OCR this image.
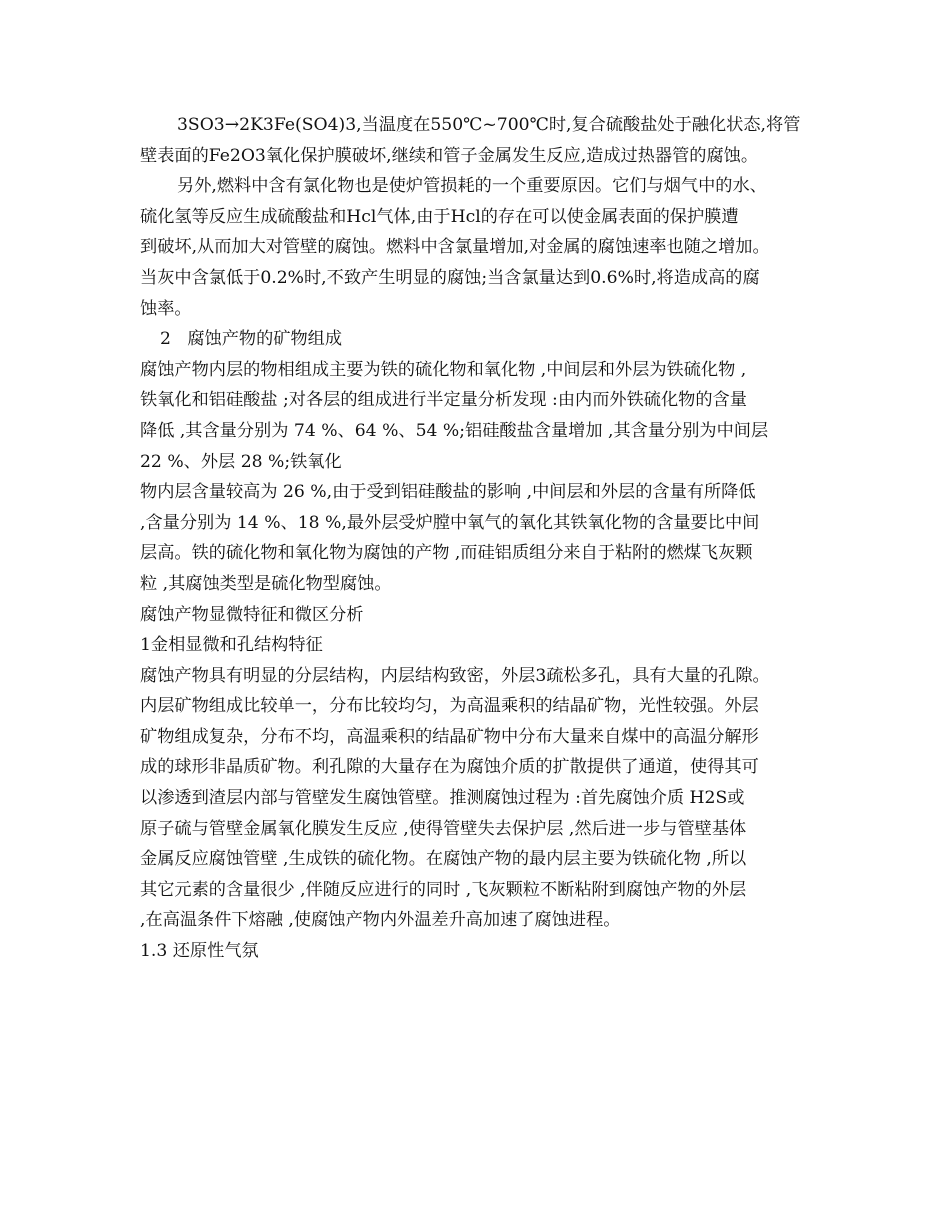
3SO3→2K3Fe(SO4)3,当温度在550℃~700℃时,复合硫酸盐处于融化状态,将管
壁表面的Fe2O3氧化保护膜破坏,继续和管子金属发生反应,造成过热器管的腐蚀。
另外,燃料中含有氯化物也是使炉管损耗的一个重要原因。它们与烟气中的水、
硫化氢等反应生成硫酸盐和Hcl气体,由于Hcl的存在可以使金属表面的保护膜遭
到破坏,从而加大对管壁的腐蚀。燃料中含氯量增加,对金属的腐蚀速率也随之增加。
当灰中含氯低于0.2%时,不致产生明显的腐蚀;当含氯量达到0.6%时,将造成高的腐
蚀率。
2   腐蚀产物的矿物组成
腐蚀产物内层的物相组成主要为铁的硫化物和氧化物 ,中间层和外层为铁硫化物 ,
铁氧化和铝硅酸盐 ;对各层的组成进行半定量分析发现 :由内而外铁硫化物的含量
降低 ,其含量分别为 74 %、64 %、54 %;铝硅酸盐含量增加 ,其含量分别为中间层
22 %、外层 28 %;铁氧化
物内层含量较高为 26 %,由于受到铝硅酸盐的影响 ,中间层和外层的含量有所降低
,含量分别为 14 %、18 %,最外层受炉膛中氧气的氧化其铁氧化物的含量要比中间
层高。铁的硫化物和氧化物为腐蚀的产物 ,而硅铝质组分来自于粘附的燃煤飞灰颗
粒 ,其腐蚀类型是硫化物型腐蚀。
腐蚀产物显微特征和微区分析
1金相显微和孔结构特征
腐蚀产物具有明显的分层结构，内层结构致密，外层3疏松多孔，具有大量的孔隙。
内层矿物组成比较单一，分布比较均匀，为高温乘积的结晶矿物，光性较强。外层
矿物组成复杂，分布不均，高温乘积的结晶矿物中分布大量来自煤中的高温分解形
成的球形非晶质矿物。利孔隙的大量存在为腐蚀介质的扩散提供了通道，使得其可
以渗透到渣层内部与管壁发生腐蚀管壁。推测腐蚀过程为 :首先腐蚀介质 H2S或
原子硫与管壁金属氧化膜发生反应 ,使得管壁失去保护层 ,然后进一步与管壁基体
金属反应腐蚀管壁 ,生成铁的硫化物。在腐蚀产物的最内层主要为铁硫化物 ,所以
其它元素的含量很少 ,伴随反应进行的同时 ,飞灰颗粒不断粘附到腐蚀产物的外层
,在高温条件下熔融 ,使腐蚀产物内外温差升高加速了腐蚀进程。
1.3 还原性气氛
